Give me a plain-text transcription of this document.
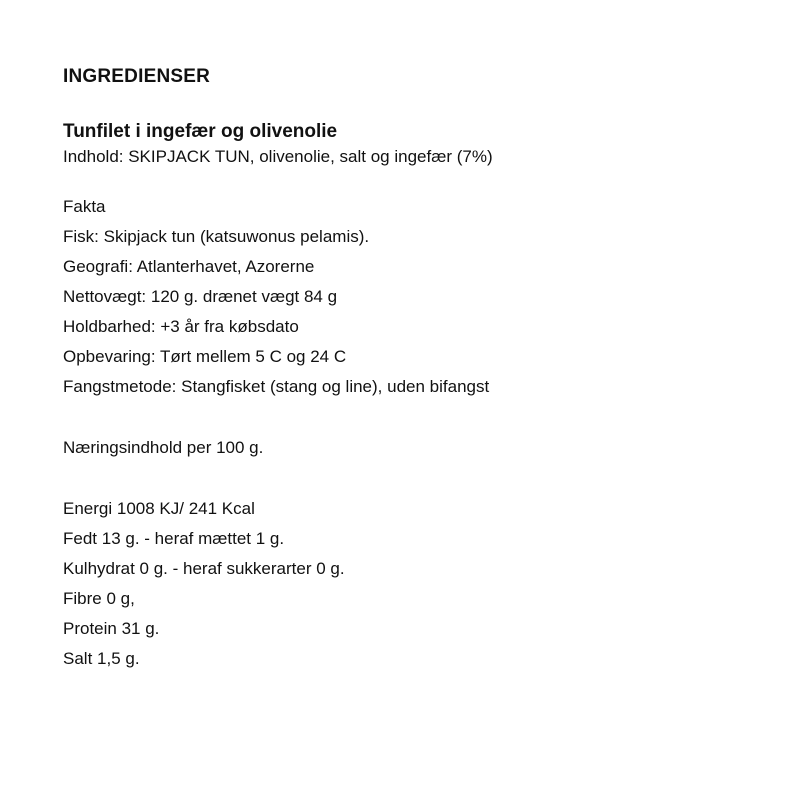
INGREDIENSER
Tunfilet i ingefær og olivenolie
Indhold: SKIPJACK TUN, olivenolie, salt og ingefær (7%)
Fakta
Fisk: Skipjack tun (katsuwonus pelamis).
Geografi: Atlanterhavet, Azorerne
Nettovægt: 120 g. drænet vægt 84 g
Holdbarhed: +3 år fra købsdato
Opbevaring: Tørt mellem 5 C og 24 C
Fangstmetode: Stangfisket (stang og line), uden bifangst
Næringsindhold per 100 g.
Energi 1008 KJ/ 241 Kcal
Fedt 13 g. - heraf mættet 1 g.
Kulhydrat 0 g. - heraf sukkerarter 0 g.
Fibre 0 g,
Protein 31 g.
Salt 1,5 g.
